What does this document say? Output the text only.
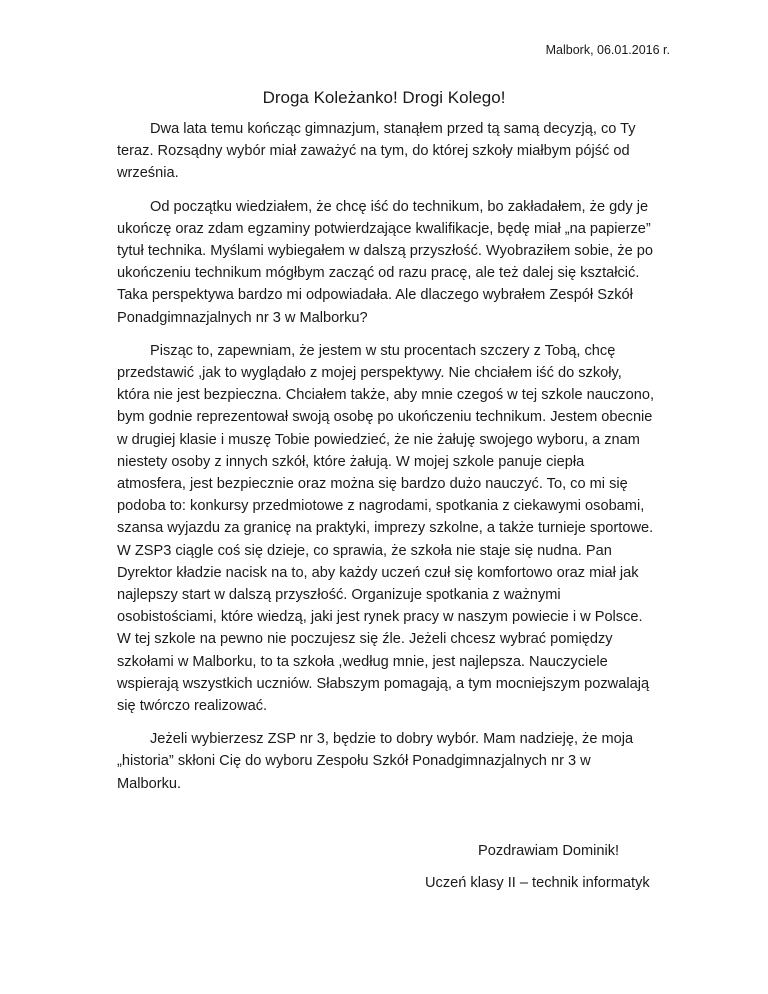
Malbork, 06.01.2016 r.
Droga Koleżanko! Drogi Kolego!

Dwa lata temu kończąc gimnazjum, stanąłem przed tą samą decyzją, co Ty teraz. Rozsądny wybór miał zaważyć na tym, do której szkoły miałbym pójść od września.

Od początku wiedziałem, że chcę iść do technikum, bo zakładałem, że gdy je ukończę oraz zdam egzaminy potwierdzające kwalifikacje, będę miał „na papierze” tytuł technika. Myślami wybiegałem w dalszą przyszłość. Wyobraziłem sobie, że po ukończeniu technikum mógłbym zacząć od razu pracę, ale też dalej się kształcić. Taka perspektywa bardzo mi odpowiadała. Ale dlaczego wybrałem Zespół Szkół Ponadgimnazjalnych nr 3 w Malborku?

Pisząc to, zapewniam, że jestem w stu procentach szczery z Tobą, chcę przedstawić ,jak to wyglądało z mojej perspektywy. Nie chciałem iść do szkoły, która nie jest bezpieczna. Chciałem także, aby mnie czegoś w tej szkole nauczono, bym godnie reprezentował swoją osobę po ukończeniu technikum. Jestem obecnie w drugiej klasie i muszę Tobie powiedzieć, że nie żałuję swojego wyboru, a znam niestety osoby z innych szkół, które żałują. W mojej szkole panuje ciepła atmosfera, jest bezpiecznie oraz można się bardzo dużo nauczyć. To, co mi się podoba to: konkursy przedmiotowe z nagrodami, spotkania z ciekawymi osobami, szansa wyjazdu za granicę na praktyki, imprezy szkolne, a także turnieje sportowe. W ZSP3 ciągle coś się dzieje, co sprawia, że szkoła nie staje się nudna. Pan Dyrektor kładzie nacisk na to, aby każdy uczeń czuł się komfortowo oraz miał jak najlepszy start w dalszą przyszłość. Organizuje spotkania z ważnymi osobistościami, które wiedzą, jaki jest rynek pracy w naszym powiecie i w Polsce.

W tej szkole na pewno nie poczujesz się źle. Jeżeli chcesz wybrać pomiędzy szkołami w Malborku, to ta szkoła ,według mnie, jest najlepsza. Nauczyciele wspierają wszystkich uczniów. Słabszym pomagają, a tym mocniejszym pozwalają się twórczo realizować.

Jeżeli wybierzesz ZSP nr 3, będzie to dobry wybór. Mam nadzieję, że moja „historia” skłoni Cię do wyboru Zespołu Szkół Ponadgimnazjalnych nr 3 w Malborku.

Pozdrawiam Dominik!
Uczeń klasy II – technik informatyk
